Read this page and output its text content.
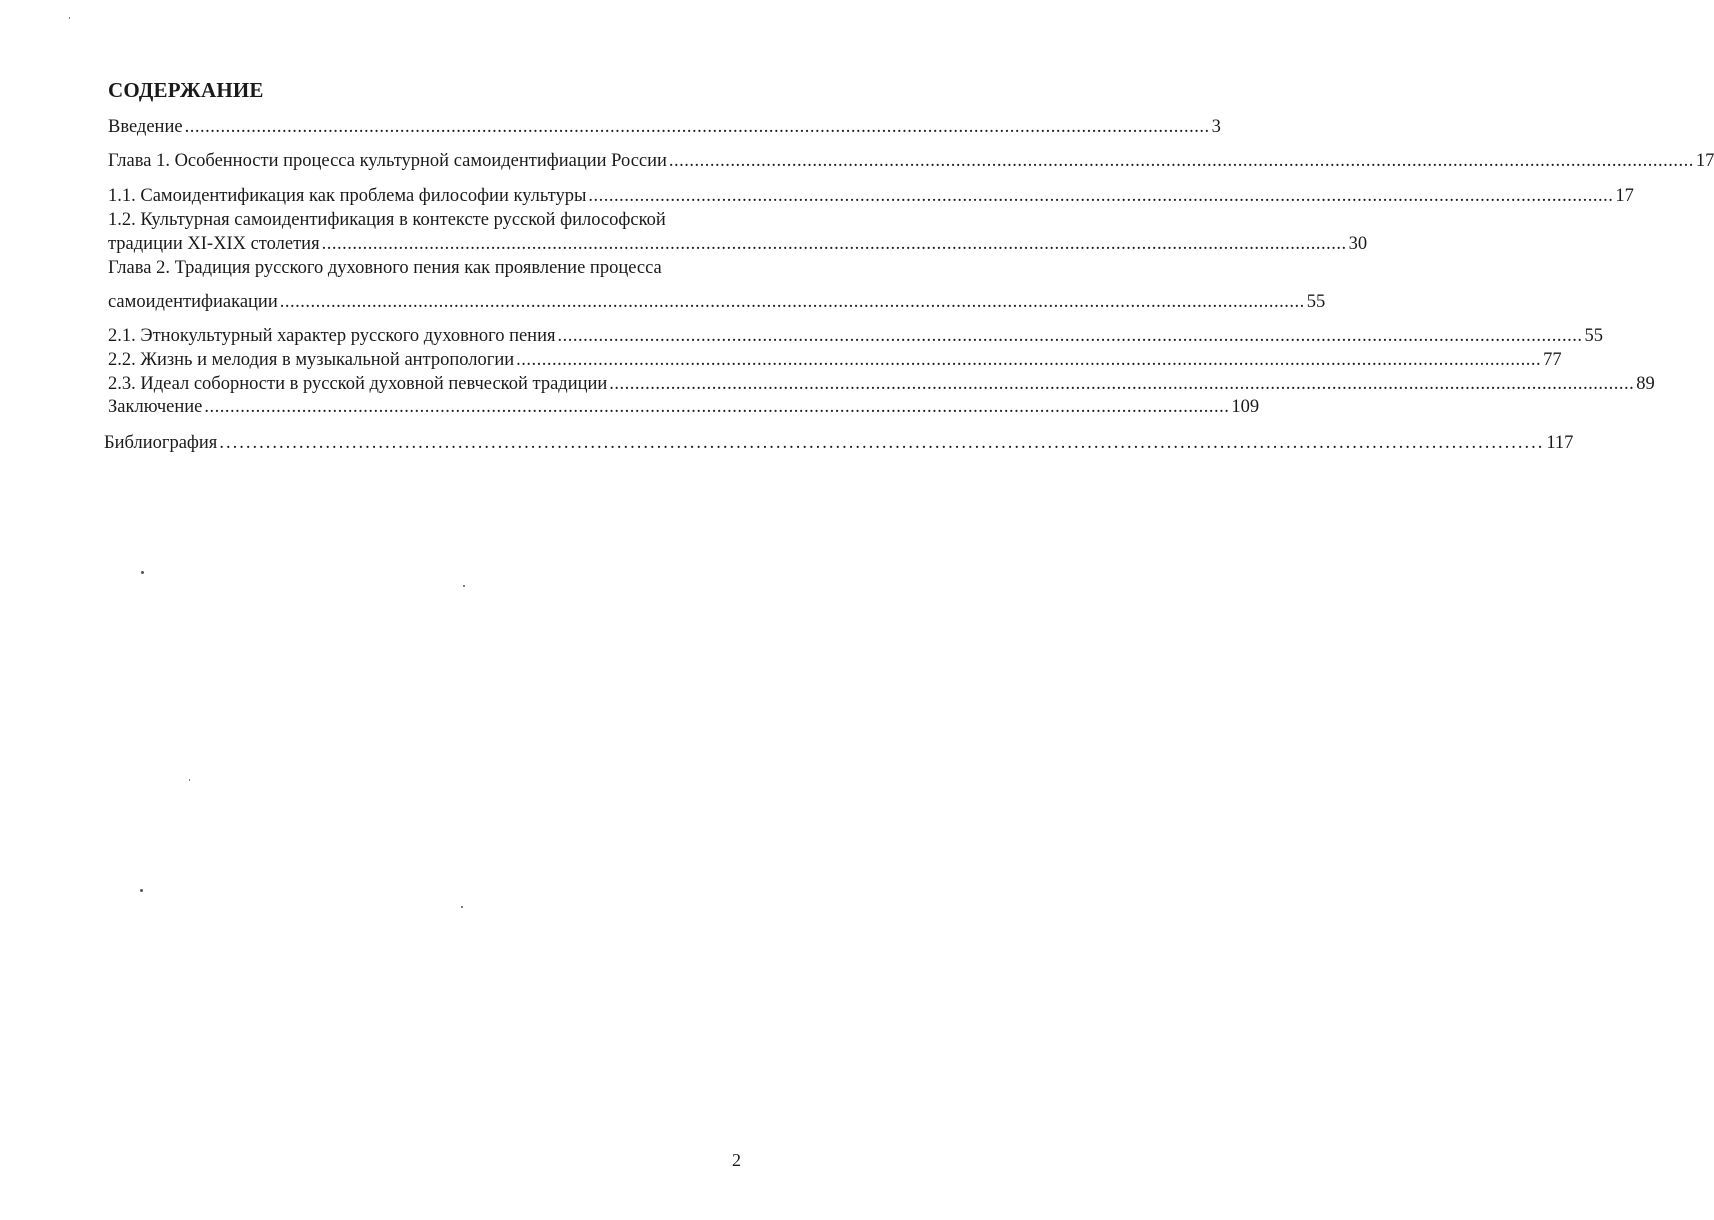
СОДЕРЖАНИЕ
Введение ........................................................................................................................................................................................................ 3
Глава 1. Особенности процесса культурной самоидентифиации России ........................................................................................................................................................................................................ 17
1.1. Самоидентификация как проблема философии культуры ........................................................................................................................................................................................................ 17
1.2. Культурная самоидентификация в контексте русской философской
традиции XI-XIX столетия ........................................................................................................................................................................................................ 30
Глава 2. Традиция русского духовного пения как проявление процесса
самоидентифиакации ........................................................................................................................................................................................................ 55
2.1. Этнокультурный характер русского духовного пения ........................................................................................................................................................................................................ 55
2.2. Жизнь и мелодия в музыкальной антропологии ........................................................................................................................................................................................................ 77
2.3. Идеал соборности в русской духовной певческой традиции ........................................................................................................................................................................................................ 89
Заключение ........................................................................................................................................................................................................ 109
Библиография ........................................................................................................................................................................................................ 117
2
